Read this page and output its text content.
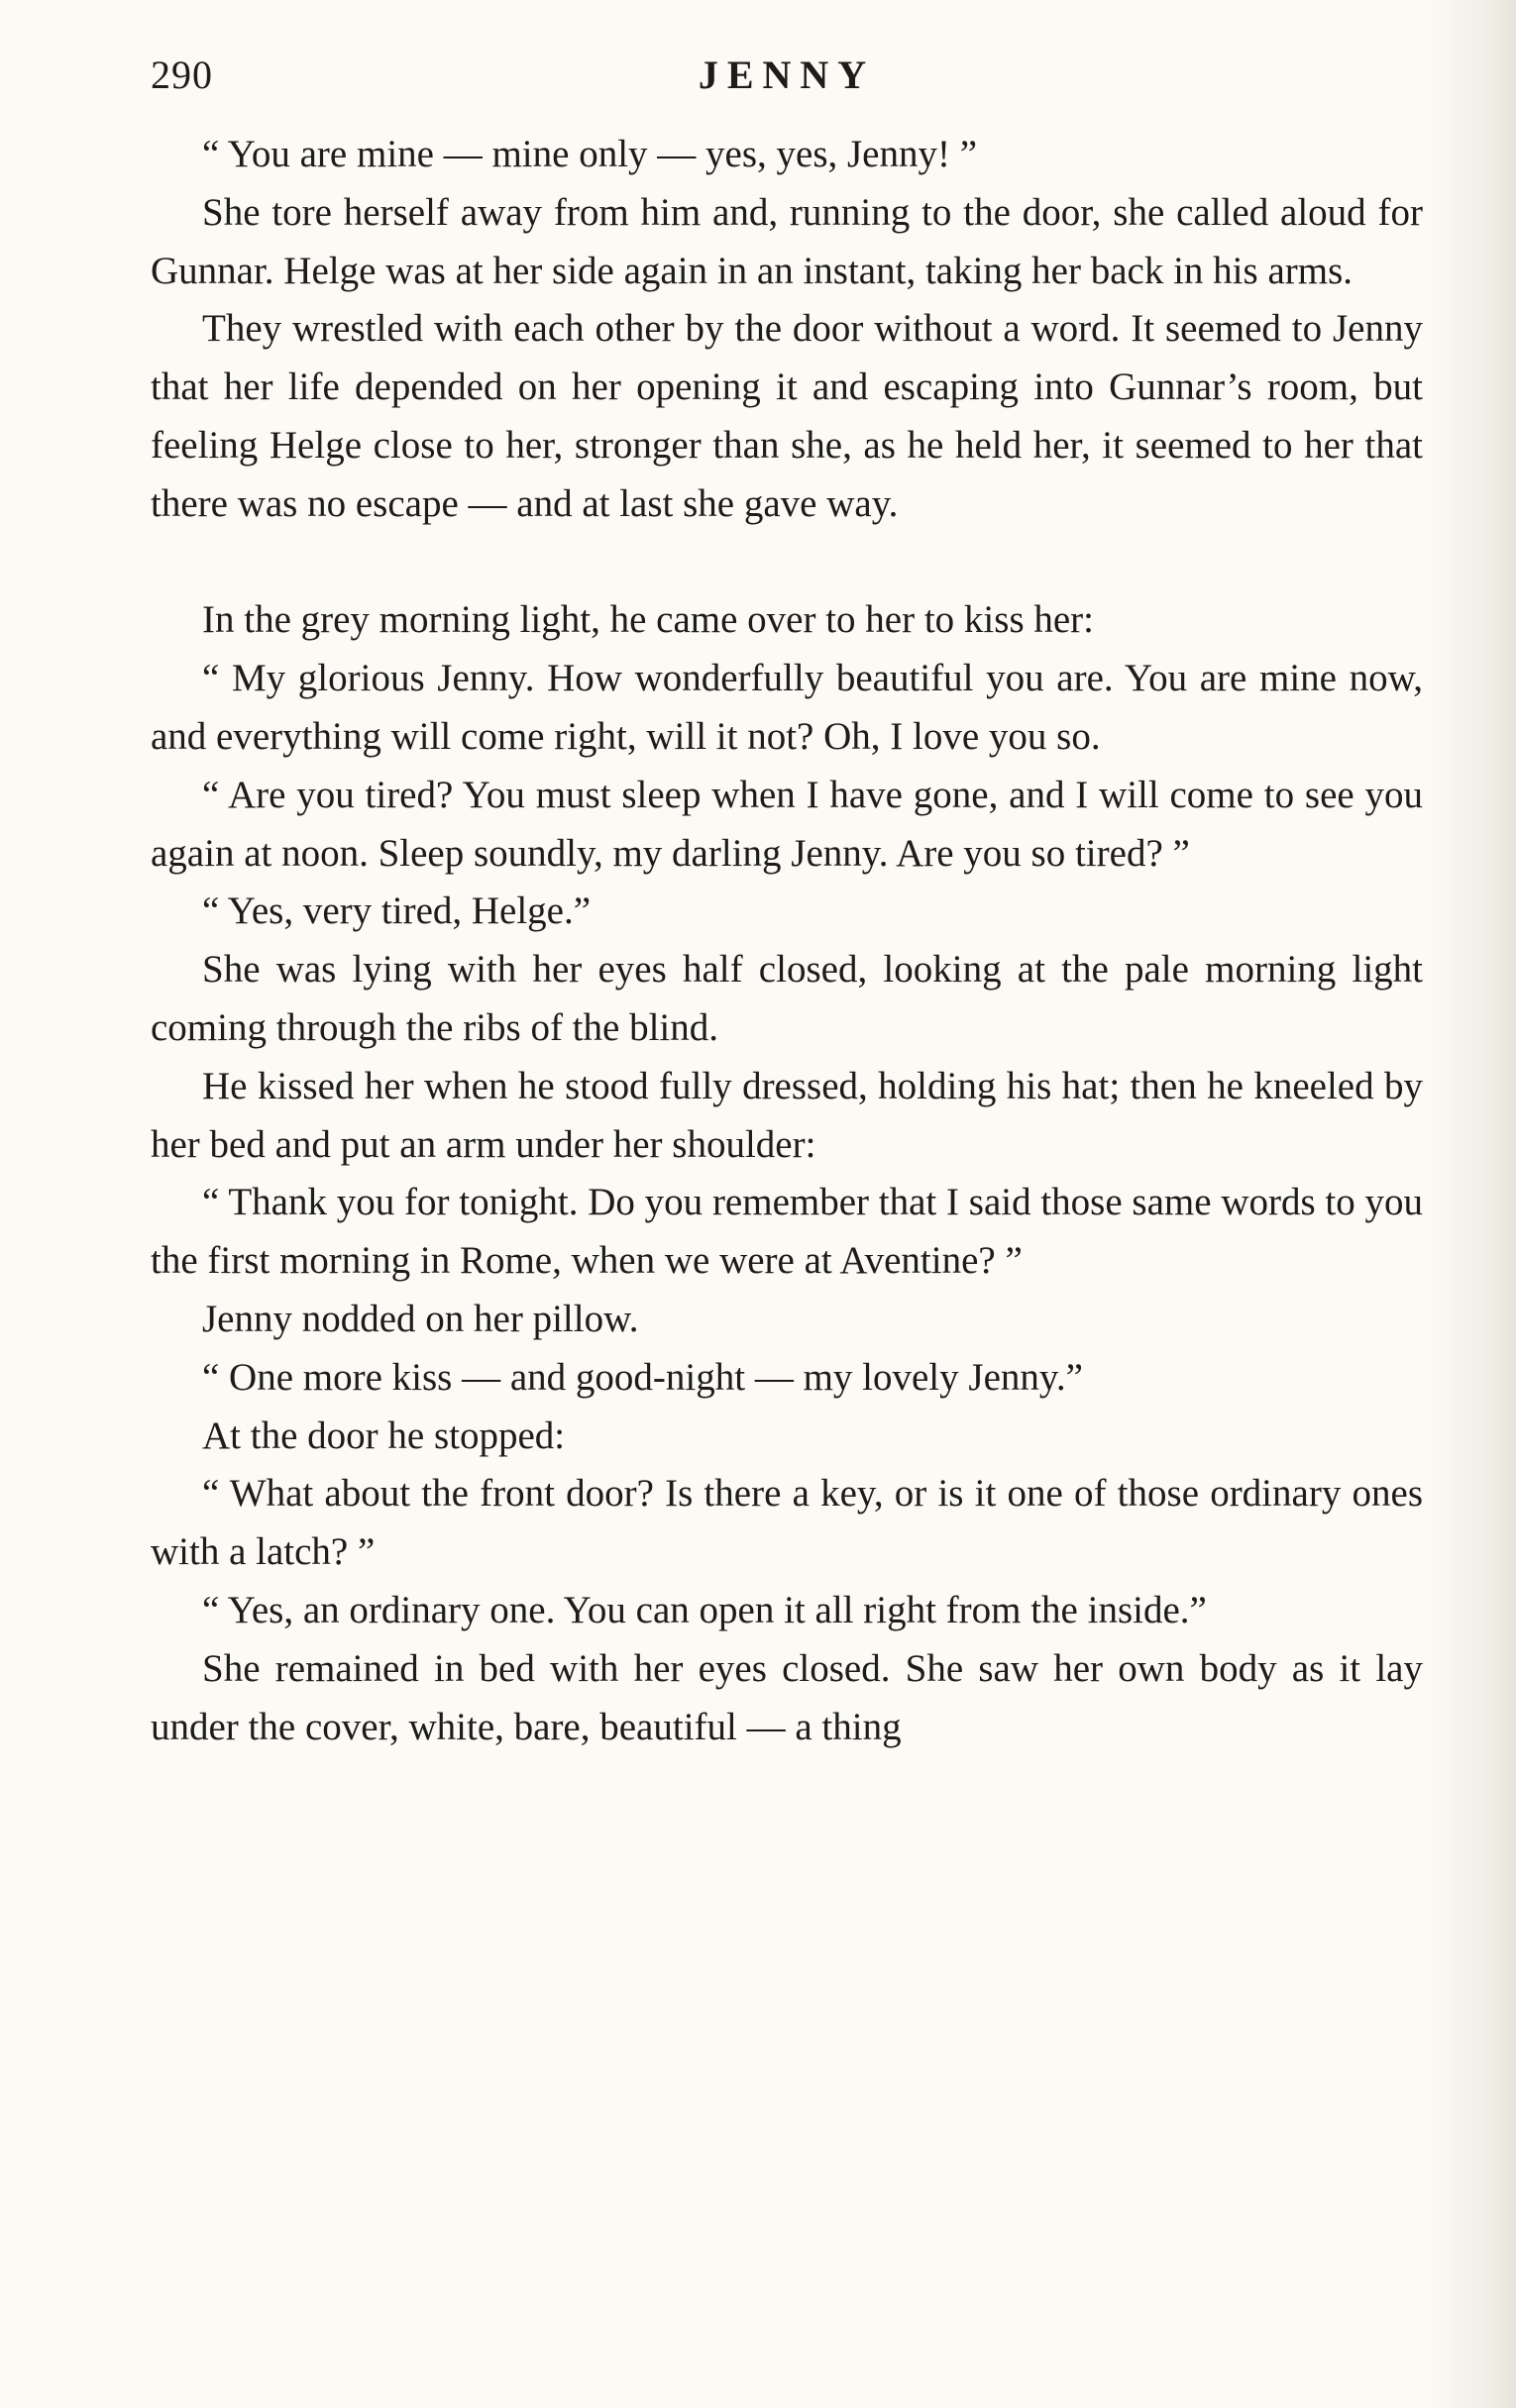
290	JENNY

“ You are mine — mine only — yes, yes, Jenny! ”

She tore herself away from him and, running to the door, she called aloud for Gunnar. Helge was at her side again in an instant, taking her back in his arms.

They wrestled with each other by the door without a word. It seemed to Jenny that her life depended on her opening it and escaping into Gunnar’s room, but feeling Helge close to her, stronger than she, as he held her, it seemed to her that there was no escape — and at last she gave way.

In the grey morning light, he came over to her to kiss her:

“ My glorious Jenny. How wonderfully beautiful you are. You are mine now, and everything will come right, will it not? Oh, I love you so.

“ Are you tired? You must sleep when I have gone, and I will come to see you again at noon. Sleep soundly, my darling Jenny. Are you so tired? ”

“ Yes, very tired, Helge.”

She was lying with her eyes half closed, looking at the pale morning light coming through the ribs of the blind.

He kissed her when he stood fully dressed, holding his hat; then he kneeled by her bed and put an arm under her shoulder:

“ Thank you for tonight. Do you remember that I said those same words to you the first morning in Rome, when we were at Aventine? ”

Jenny nodded on her pillow.

“ One more kiss — and good-night — my lovely Jenny.”

At the door he stopped:

“ What about the front door? Is there a key, or is it one of those ordinary ones with a latch? ”

“ Yes, an ordinary one. You can open it all right from the inside.”

She remained in bed with her eyes closed. She saw her own body as it lay under the cover, white, bare, beautiful — a thing
